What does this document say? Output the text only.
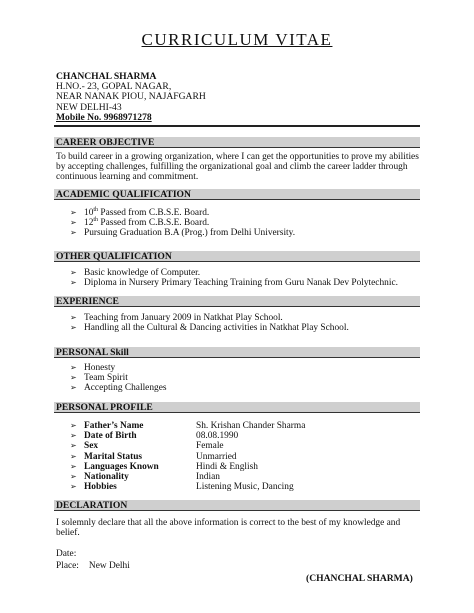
CURRICULUM VITAE
CHANCHAL SHARMA
H.NO.- 23, GOPAL NAGAR,
NEAR NANAK PIOU, NAJAFGARH
NEW DELHI-43
Mobile No. 9968971278
CAREER OBJECTIVE
To build career in a growing organization, where I can get the opportunities to prove my abilities by accepting challenges, fulfilling the organizational goal and climb the career ladder through continuous learning and commitment.
ACADEMIC QUALIFICATION
➢ 10th Passed from C.B.S.E. Board.
➢ 12th Passed from C.B.S.E. Board.
➢ Pursuing Graduation B.A (Prog.) from Delhi University.
OTHER QUALIFICATION
➢ Basic knowledge of Computer.
➢ Diploma in Nursery Primary Teaching Training from Guru Nanak Dev Polytechnic.
EXPERIENCE
➢ Teaching from January 2009 in Natkhat Play School.
➢ Handling all the Cultural & Dancing activities in Natkhat Play School.
PERSONAL Skill
➢ Honesty
➢ Team Spirit
➢ Accepting Challenges
PERSONAL PROFILE
➢ Father’s Name	Sh. Krishan Chander Sharma
➢ Date of Birth	08.08.1990
➢ Sex	Female
➢ Marital Status	Unmarried
➢ Languages Known	Hindi & English
➢ Nationality	Indian
➢ Hobbies	Listening Music, Dancing
DECLARATION
I solemnly declare that all the above information is correct to the best of my knowledge and belief.
Date:
Place: New Delhi
(CHANCHAL SHARMA)
